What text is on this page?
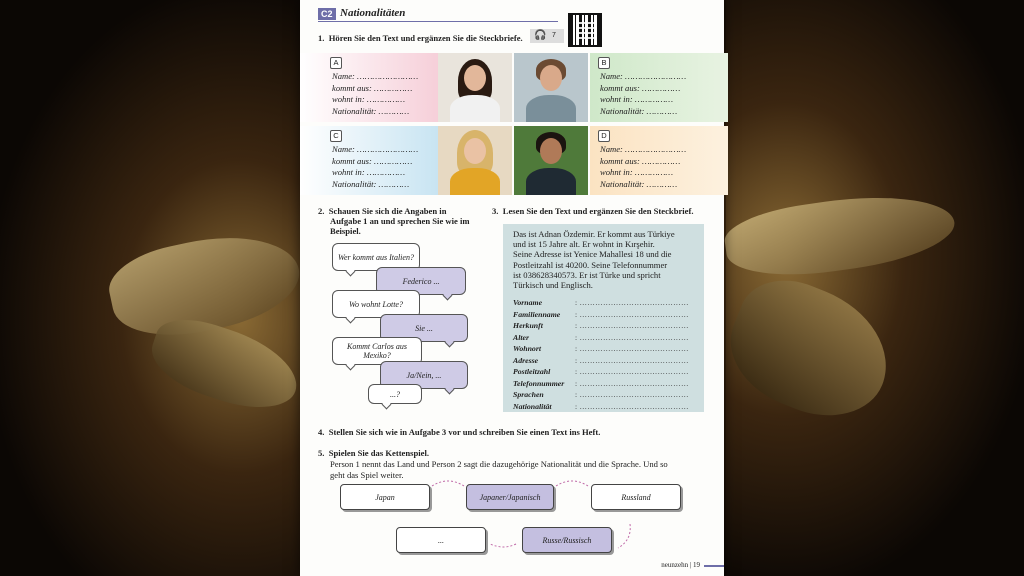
C2 Nationalitäten
1. Hören Sie den Text und ergänzen Sie die Steckbriefe. 🎧 7
A
Name: ……………………
kommt aus: ……………
wohnt in: ……………
Nationalität: …………
B
Name: ……………………
kommt aus: ……………
wohnt in: ……………
Nationalität: …………
C
Name: ……………………
kommt aus: ……………
wohnt in: ……………
Nationalität: …………
D
Name: ……………………
kommt aus: ……………
wohnt in: ……………
Nationalität: …………
2. Schauen Sie sich die Angaben in
Aufgabe 1 an und sprechen Sie wie im
Beispiel.
Wer kommt aus Italien?
Federico ...
Wo wohnt Lotte?
Sie ...
Kommt Carlos aus Mexiko?
Ja/Nein, ...
...?
3. Lesen Sie den Text und ergänzen Sie den Steckbrief.
Das ist Adnan Özdemir. Er kommt aus Türkiye
und ist 15 Jahre alt. Er wohnt in Kırşehir.
Seine Adresse ist Yenice Mahallesi 18 und die
Postleitzahl ist 40200. Seine Telefonnummer
ist 038628340573. Er ist Türke und spricht
Türkisch und Englisch.
Vorname	: ……………………………………
Familienname : ……………………………………
Herkunft	: ……………………………………
Alter	: ……………………………………
Wohnort	: ……………………………………
Adresse	: ……………………………………
Postleitzahl	: ……………………………………
Telefonnummer : ……………………………………
Sprachen	: ……………………………………
Nationalität	: ……………………………………
4. Stellen Sie sich wie in Aufgabe 3 vor und schreiben Sie einen Text ins Heft.
5. Spielen Sie das Kettenspiel.
Person 1 nennt das Land und Person 2 sagt die dazugehörige Nationalität und die Sprache. Und so
geht das Spiel weiter.
Japan	Japaner/Japanisch	Russland
...	Russe/Russisch
neunzehn | 19
